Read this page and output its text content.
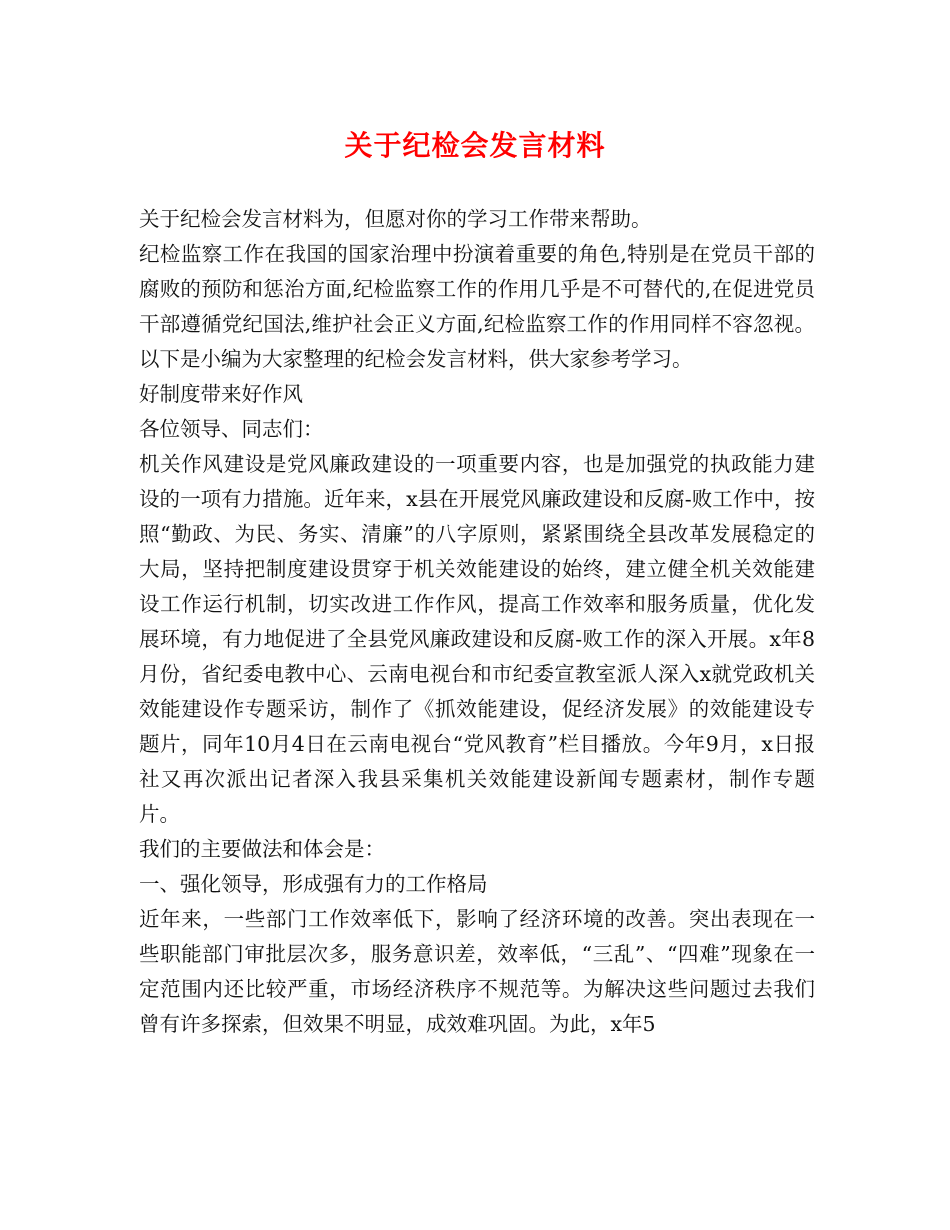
关于纪检会发言材料

关于纪检会发言材料为，但愿对你的学习工作带来帮助。

纪检监察工作在我国的国家治理中扮演着重要的角色,特别是在党员干部的腐败的预防和惩治方面,纪检监察工作的作用几乎是不可替代的,在促进党员干部遵循党纪国法,维护社会正义方面,纪检监察工作的作用同样不容忽视。以下是小编为大家整理的纪检会发言材料，供大家参考学习。

好制度带来好作风

各位领导、同志们：

机关作风建设是党风廉政建设的一项重要内容，也是加强党的执政能力建设的一项有力措施。近年来，x县在开展党风廉政建设和反腐-败工作中，按照“勤政、为民、务实、清廉”的八字原则，紧紧围绕全县改革发展稳定的大局，坚持把制度建设贯穿于机关效能建设的始终，建立健全机关效能建设工作运行机制，切实改进工作作风，提高工作效率和服务质量，优化发展环境，有力地促进了全县党风廉政建设和反腐-败工作的深入开展。x年8月份，省纪委电教中心、云南电视台和市纪委宣教室派人深入x就党政机关效能建设作专题采访，制作了《抓效能建设，促经济发展》的效能建设专题片，同年10月4日在云南电视台“党风教育”栏目播放。今年9月，x日报社又再次派出记者深入我县采集机关效能建设新闻专题素材，制作专题片。

我们的主要做法和体会是：

一、强化领导，形成强有力的工作格局

近年来，一些部门工作效率低下，影响了经济环境的改善。突出表现在一些职能部门审批层次多，服务意识差，效率低，“三乱”、“四难”现象在一定范围内还比较严重，市场经济秩序不规范等。为解决这些问题过去我们曾有许多探索，但效果不明显，成效难巩固。为此，x年5
